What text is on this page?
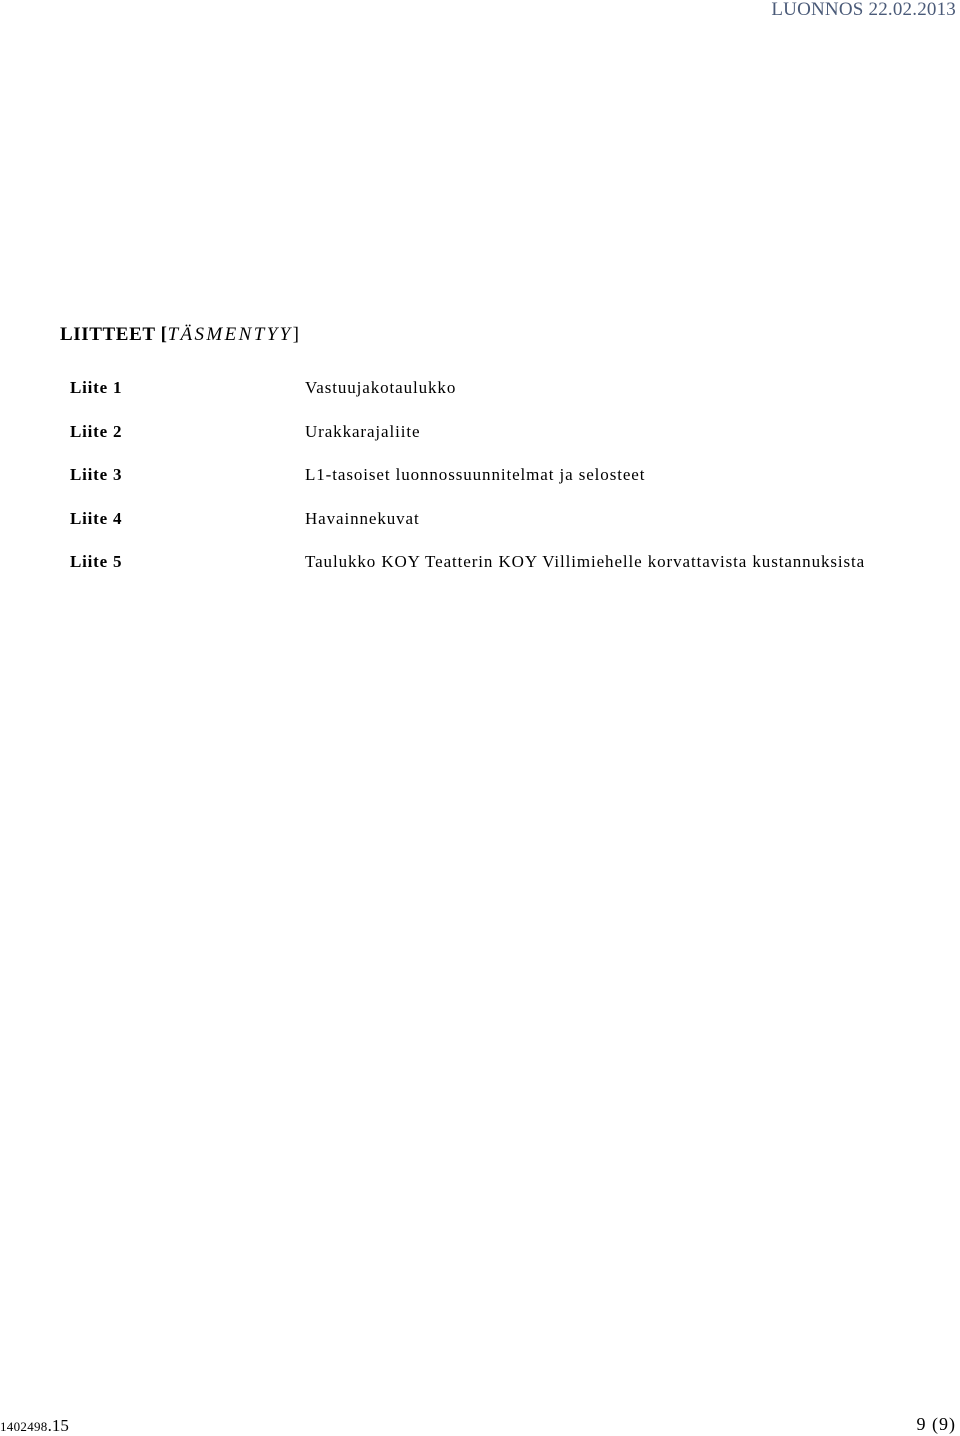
LUONNOS 22.02.2013
LIITTEET [TÄSMENTYY]
Liite 1	Vastuujakotaulukko
Liite 2	Urakkarajaliite
Liite 3	L1-tasoiset luonnossuunnitelmat ja selosteet
Liite 4	Havainnekuvat
Liite 5	Taulukko KOY Teatterin KOY Villimiehelle korvattavista kustannuksista
1402498.15	9 (9)
